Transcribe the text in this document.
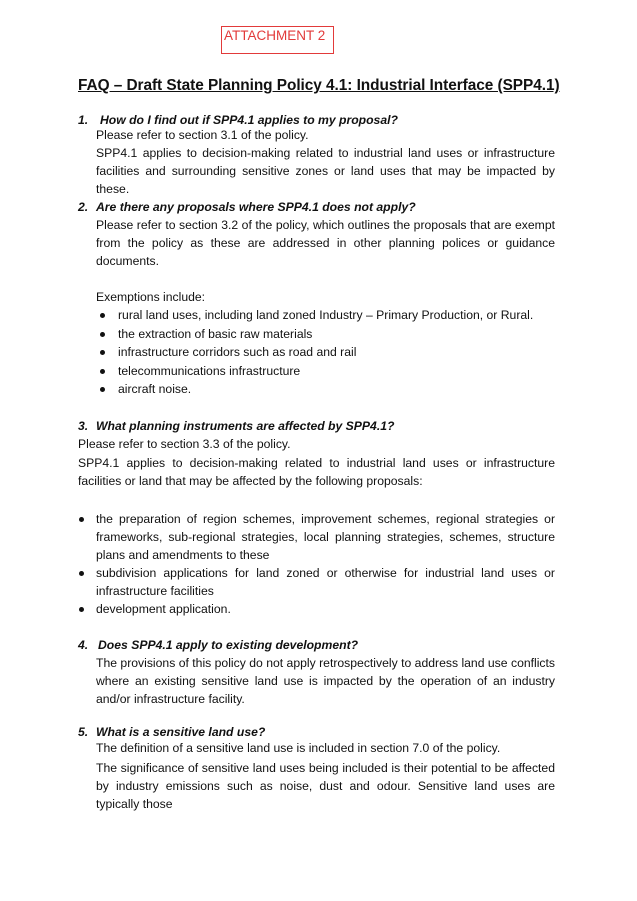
ATTACHMENT 2
FAQ – Draft State Planning Policy 4.1: Industrial Interface (SPP4.1)
1. How do I find out if SPP4.1 applies to my proposal?
Please refer to section 3.1 of the policy.
SPP4.1 applies to decision-making related to industrial land uses or infrastructure facilities and surrounding sensitive zones or land uses that may be impacted by these.
2. Are there any proposals where SPP4.1 does not apply?
Please refer to section 3.2 of the policy, which outlines the proposals that are exempt from the policy as these are addressed in other planning polices or guidance documents.
Exemptions include:
rural land uses, including land zoned Industry – Primary Production, or Rural.
the extraction of basic raw materials
infrastructure corridors such as road and rail
telecommunications infrastructure
aircraft noise.
3. What planning instruments are affected by SPP4.1?
Please refer to section 3.3 of the policy.
SPP4.1 applies to decision-making related to industrial land uses or infrastructure facilities or land that may be affected by the following proposals:
the preparation of region schemes, improvement schemes, regional strategies or frameworks, sub-regional strategies, local planning strategies, schemes, structure plans and amendments to these
subdivision applications for land zoned or otherwise for industrial land uses or infrastructure facilities
development application.
4. Does SPP4.1 apply to existing development?
The provisions of this policy do not apply retrospectively to address land use conflicts where an existing sensitive land use is impacted by the operation of an industry and/or infrastructure facility.
5. What is a sensitive land use?
The definition of a sensitive land use is included in section 7.0 of the policy.
The significance of sensitive land uses being included is their potential to be affected by industry emissions such as noise, dust and odour. Sensitive land uses are typically those
